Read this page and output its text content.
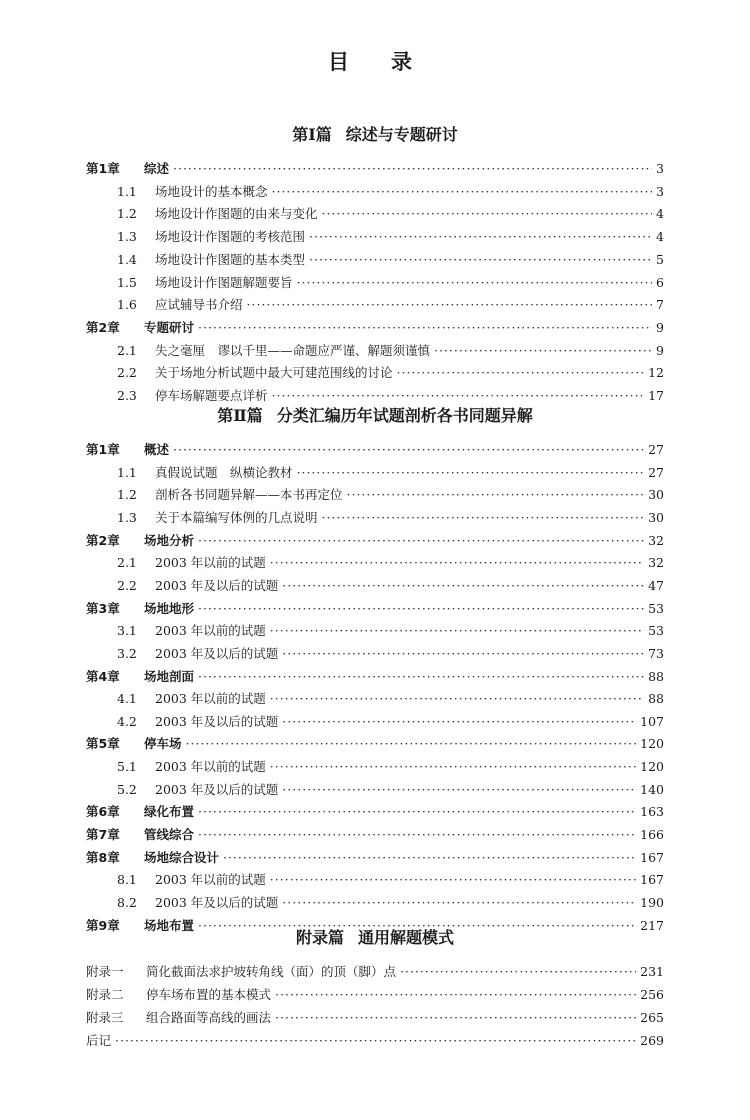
目 录
第Ⅰ篇 综述与专题研讨
第1章	综述 ·····	3
1.1	场地设计的基本概念 ·····	3
1.2	场地设计作图题的由来与变化 ·····	4
1.3	场地设计作图题的考核范围 ·····	4
1.4	场地设计作图题的基本类型 ·····	5
1.5	场地设计作图题解题要旨 ·····	6
1.6	应试辅导书介绍 ·····	7
第2章	专题研讨 ·····	9
2.1	失之毫厘　谬以千里——命题应严谨、解题须谨慎 ·····	9
2.2	关于场地分析试题中最大可建范围线的讨论 ·····	12
2.3	停车场解题要点详析 ·····	17
第Ⅱ篇 分类汇编历年试题剖析各书同题异解
第1章	概述 ·····	27
1.1	真假说试题　纵横论教材 ·····	27
1.2	剖析各书同题异解——本书再定位 ·····	30
1.3	关于本篇编写体例的几点说明 ·····	30
第2章	场地分析 ·····	32
2.1	2003 年以前的试题 ·····	32
2.2	2003 年及以后的试题 ·····	47
第3章	场地地形 ·····	53
3.1	2003 年以前的试题 ·····	53
3.2	2003 年及以后的试题 ·····	73
第4章	场地剖面 ·····	88
4.1	2003 年以前的试题 ·····	88
4.2	2003 年及以后的试题 ·····	107
第5章	停车场 ·····	120
5.1	2003 年以前的试题 ·····	120
5.2	2003 年及以后的试题 ·····	140
第6章	绿化布置 ·····	163
第7章	管线综合 ·····	166
第8章	场地综合设计 ·····	167
8.1	2003 年以前的试题 ·····	167
8.2	2003 年及以后的试题 ·····	190
第9章	场地布置 ·····	217
附录篇 通用解题模式
附录一	简化截面法求护坡转角线（面）的顶（脚）点 ·····	231
附录二	停车场布置的基本模式 ·····	256
附录三	组合路面等高线的画法 ·····	265
后记 ·····	269
